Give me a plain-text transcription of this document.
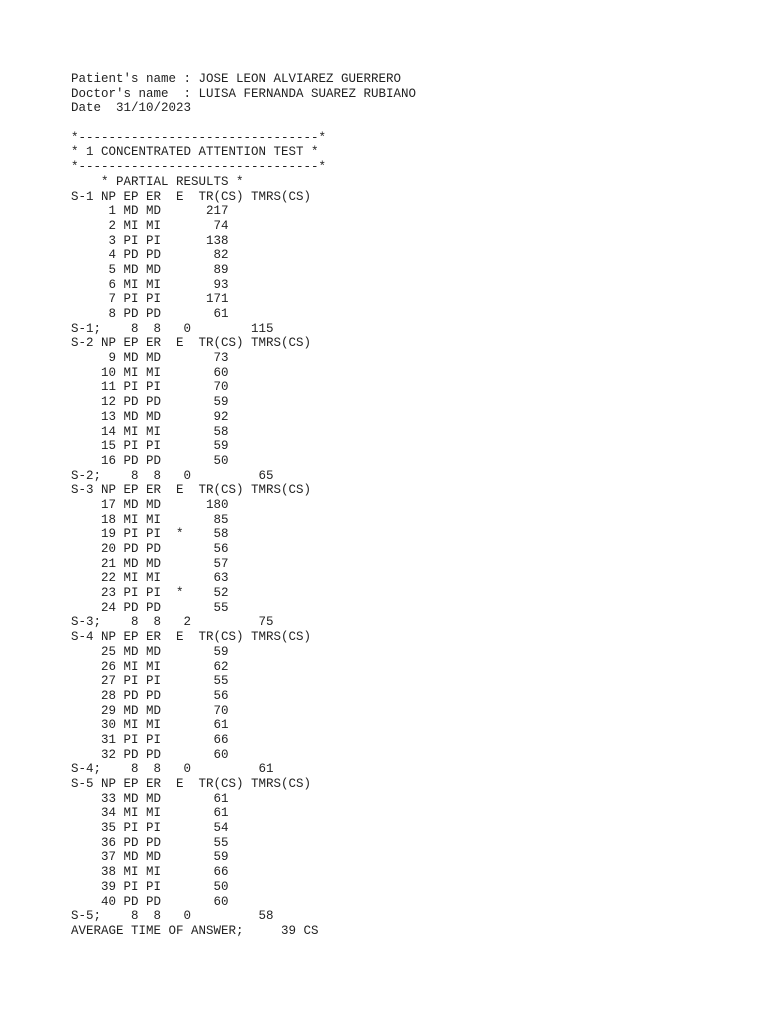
Patient's name : JOSE LEON ALVIAREZ GUERRERO
Doctor's name  : LUISA FERNANDA SUAREZ RUBIANO
Date  31/10/2023

*--------------------------------*
* 1 CONCENTRATED ATTENTION TEST *
*--------------------------------*
* PARTIAL RESULTS *
S-1 NP EP ER  E  TR(CS) TMRS(CS)
1 MD MD      217
2 MI MI       74
3 PI PI      138
4 PD PD       82
5 MD MD       89
6 MI MI       93
7 PI PI      171
8 PD PD       61
S-1;    8  8   0        115
S-2 NP EP ER  E  TR(CS) TMRS(CS)
9 MD MD       73
10 MI MI       60
11 PI PI       70
12 PD PD       59
13 MD MD       92
14 MI MI       58
15 PI PI       59
16 PD PD       50
S-2;    8  8   0         65
S-3 NP EP ER  E  TR(CS) TMRS(CS)
17 MD MD      180
18 MI MI       85
19 PI PI  *    58
20 PD PD       56
21 MD MD       57
22 MI MI       63
23 PI PI  *    52
24 PD PD       55
S-3;    8  8   2         75
S-4 NP EP ER  E  TR(CS) TMRS(CS)
25 MD MD       59
26 MI MI       62
27 PI PI       55
28 PD PD       56
29 MD MD       70
30 MI MI       61
31 PI PI       66
32 PD PD       60
S-4;    8  8   0         61
S-5 NP EP ER  E  TR(CS) TMRS(CS)
33 MD MD       61
34 MI MI       61
35 PI PI       54
36 PD PD       55
37 MD MD       59
38 MI MI       66
39 PI PI       50
40 PD PD       60
S-5;    8  8   0         58
AVERAGE TIME OF ANSWER;     39 CS
